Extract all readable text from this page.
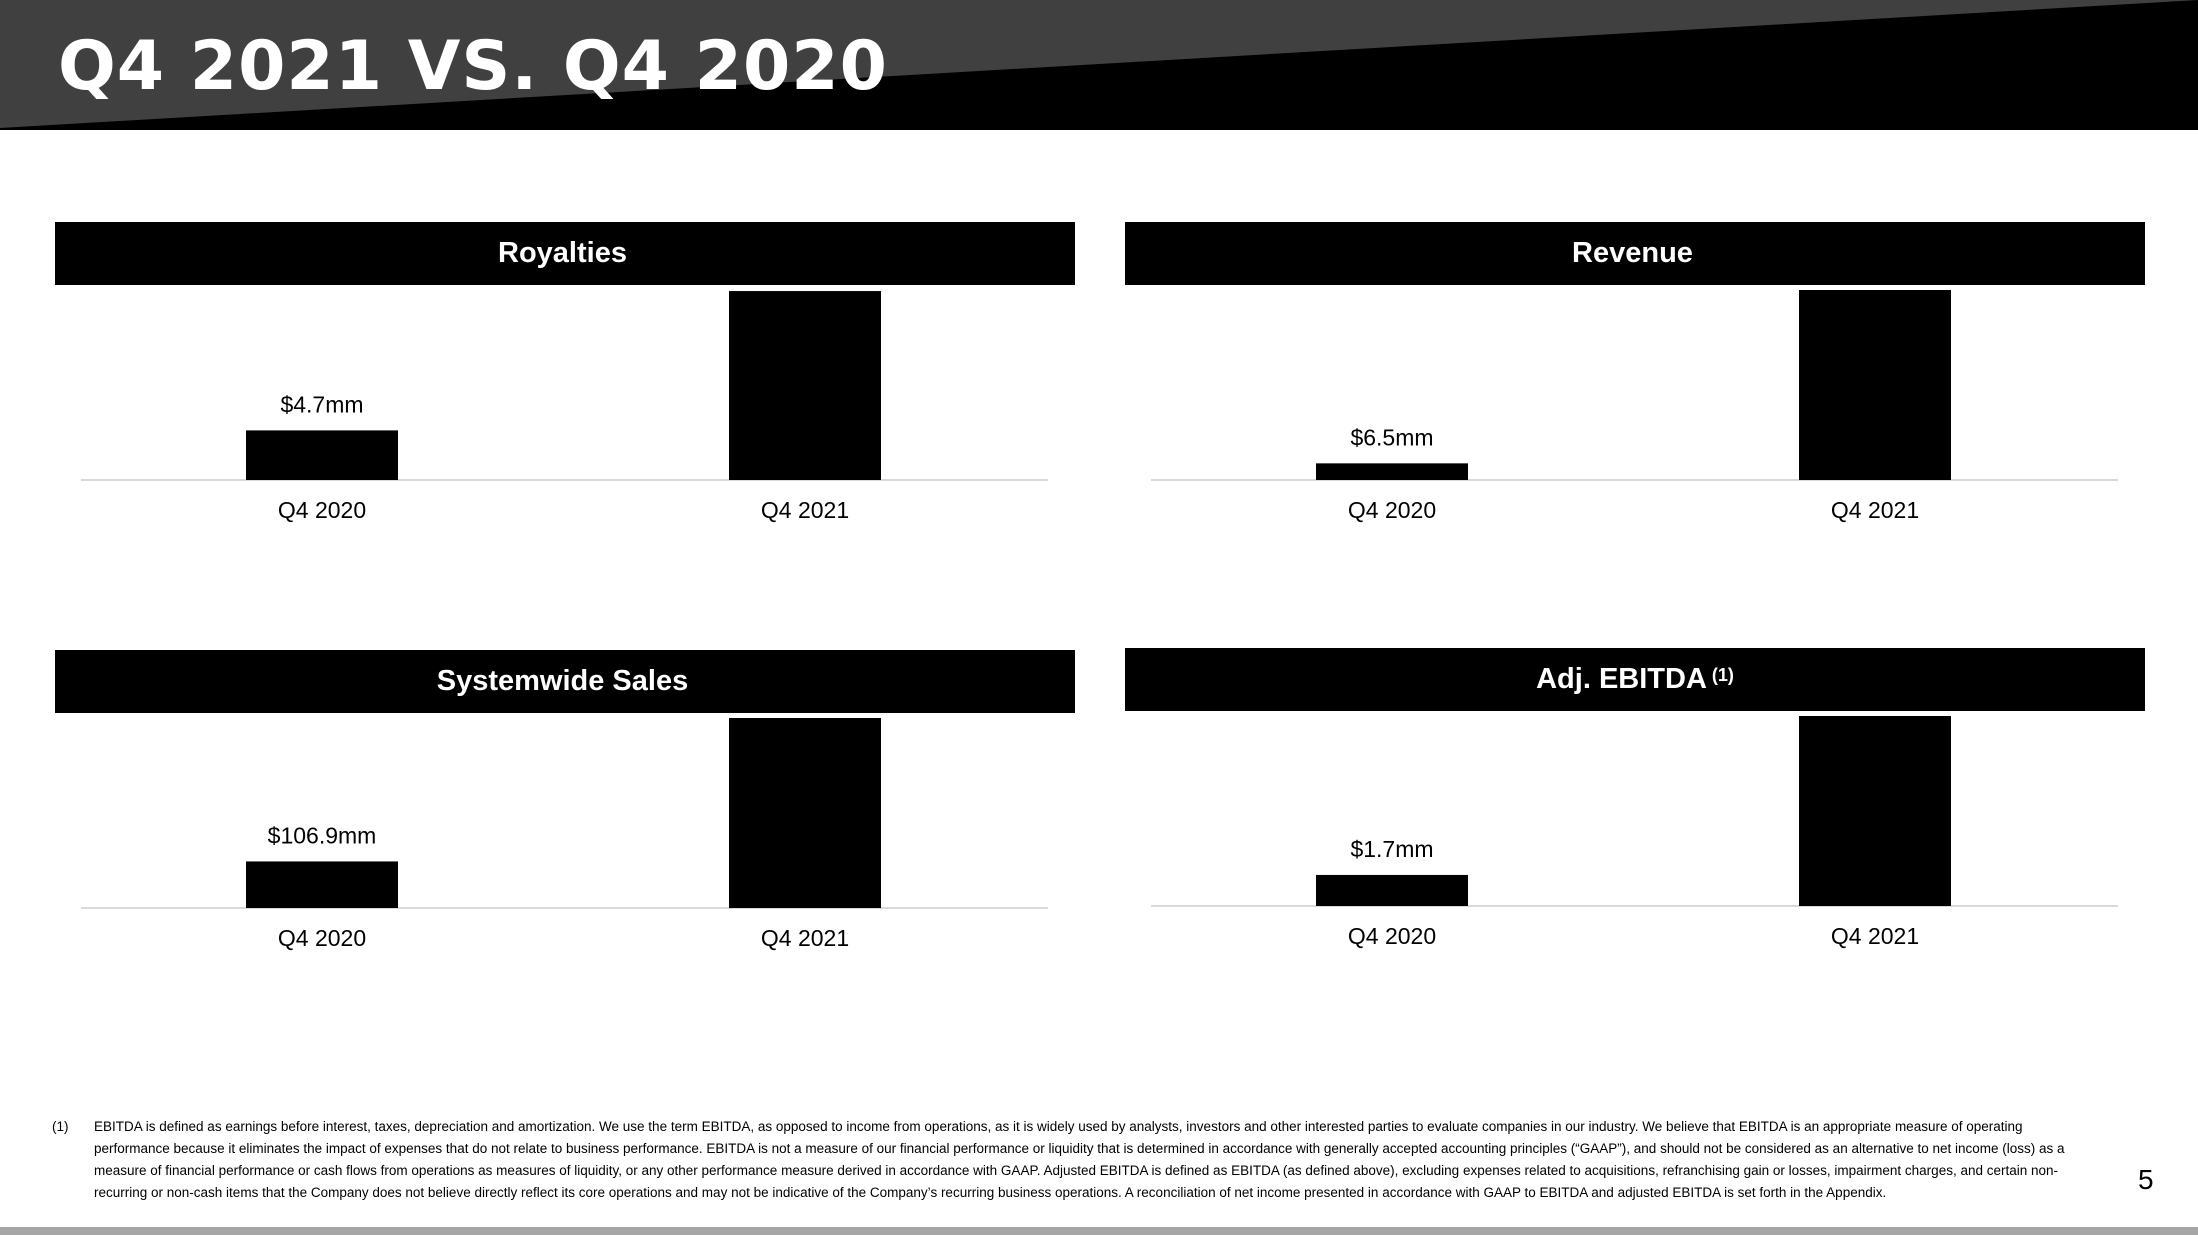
Q4 2021 VS. Q4 2020
Royalties
$4.7mm
Q4 2020
$17.9mm
Q4 2021
Revenue
$6.5mm
Q4 2020
$74.2mm
Q4 2021
Systemwide Sales
$106.9mm
Q4 2020
$436.3mm
Q4 2021
Adj. EBITDA $^{(1)}$
$1.7mm
Q4 2020
$10.4mm
Q4 2021
(1) EBITDA is defined as earnings before interest, taxes, depreciation and amortization. We use the term EBITDA, as opposed to income from operations, as it is widely used by analysts, investors and other interested parties to evaluate companies in our industry. We believe that EBITDA is an appropriate measure of operating performance because it eliminates the impact of expenses that do not relate to business performance. EBITDA is not a measure of our financial performance or liquidity that is determined in accordance with generally accepted accounting principles (“GAAP”), and should not be considered as an alternative to net income (loss) as a measure of financial performance or cash flows from operations as measures of liquidity, or any other performance measure derived in accordance with GAAP. Adjusted EBITDA is defined as EBITDA (as defined above), excluding expenses related to acquisitions, refranchising gain or losses, impairment charges, and certain non-recurring or non-cash items that the Company does not believe directly reflect its core operations and may not be indicative of the Company’s recurring business operations. A reconciliation of net income presented in accordance with GAAP to EBITDA and adjusted EBITDA is set forth in the Appendix.	5
